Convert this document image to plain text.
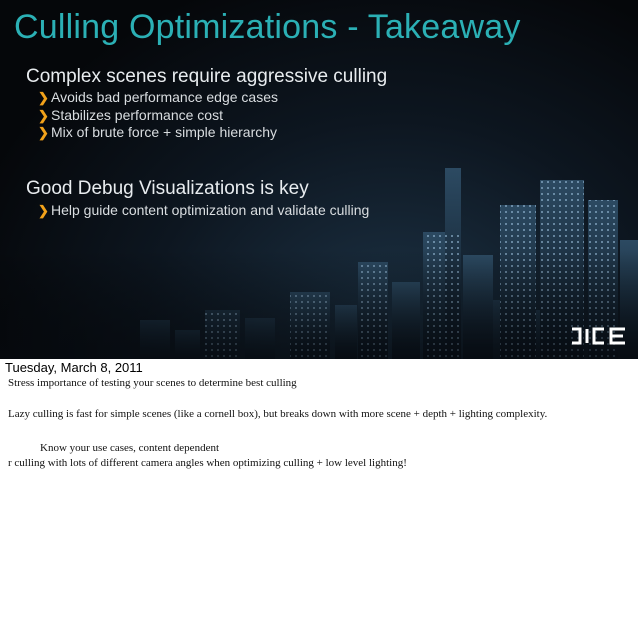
Culling Optimizations - Takeaway
Complex scenes require aggressive culling
❯ Avoids bad performance edge cases
❯ Stabilizes performance cost
❯ Mix of brute force + simple hierarchy
Good Debug Visualizations is key
❯ Help guide content optimization and validate culling
Tuesday, March 8, 2011
Stress importance of testing your scenes to determine best culling
Lazy culling is fast for simple scenes (like a cornell box), but breaks down with more scene + depth + lighting complexity.
Know your use cases, content dependent
r culling with lots of different camera angles when optimizing culling + low level lighting!
